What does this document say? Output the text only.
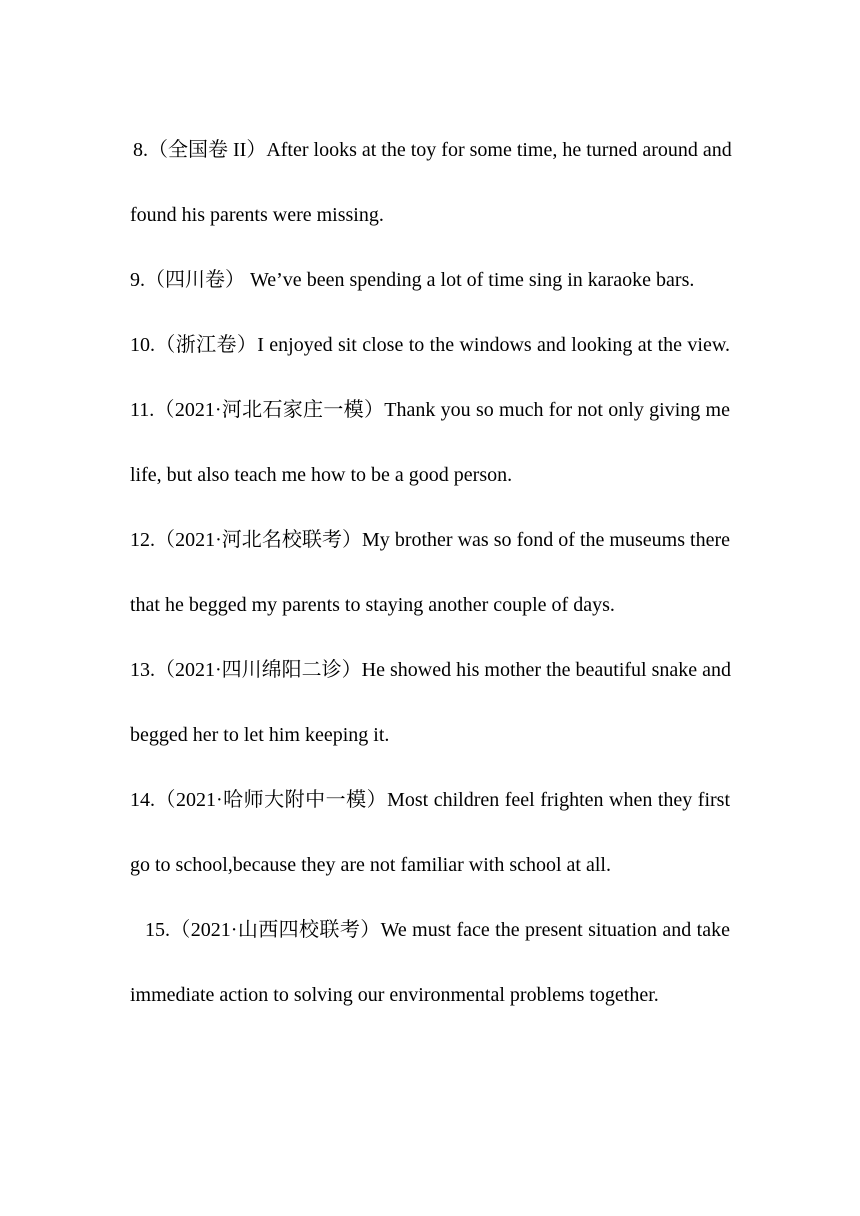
8.（全国卷 II）After looks at the toy for some time, he turned around and
found his parents were missing.
9.（四川卷） We’ve been spending a lot of time sing in karaoke bars.
10.（浙江卷）I enjoyed sit close to the windows and looking at the view.
11.（2021·河北石家庄一模）Thank you so much for not only giving me
life, but also teach me how to be a good person.
12.（2021·河北名校联考）My brother was so fond of the museums there
that he begged my parents to staying another couple of days.
13.（2021·四川绵阳二诊）He showed his mother the beautiful snake and
begged her to let him keeping it.
14.（2021·哈师大附中一模）Most children feel frighten when they first
go to school,because they are not familiar with school at all.
15.（2021·山西四校联考）We must face the present situation and take
immediate action to solving our environmental problems together.
